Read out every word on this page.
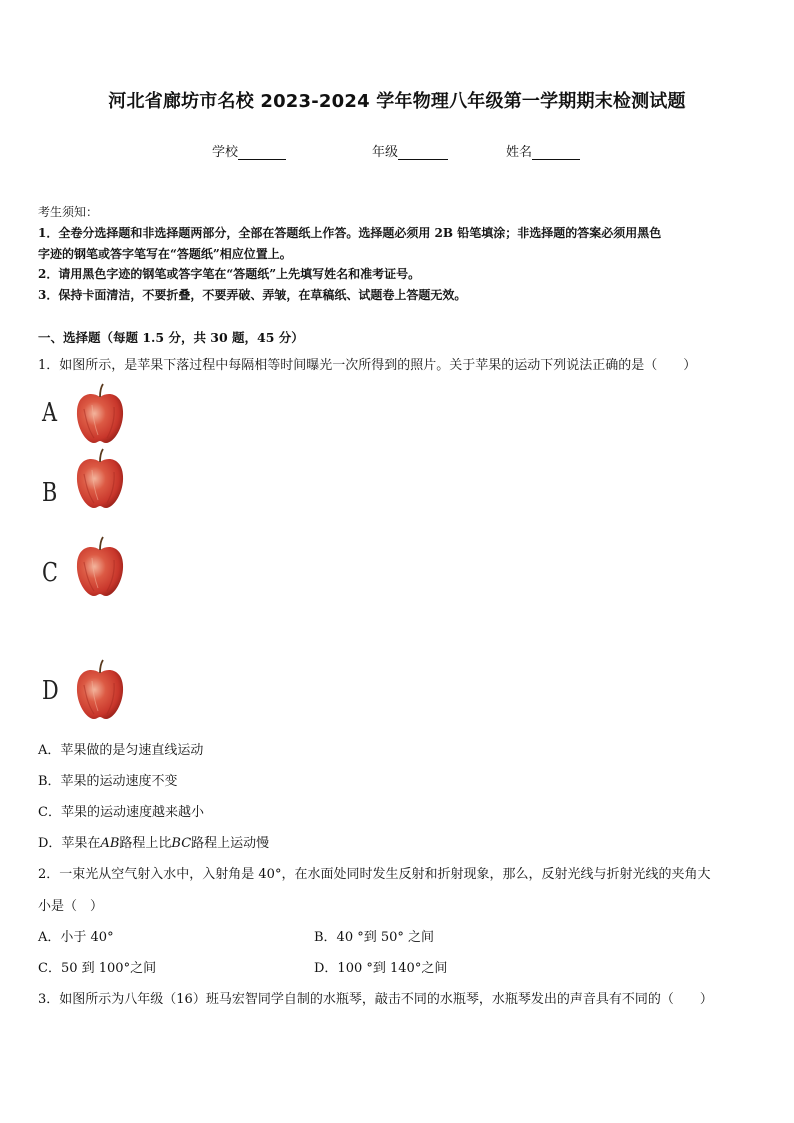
河北省廊坊市名校 2023-2024 学年物理八年级第一学期期末检测试题
学校	年级	姓名
考生须知：
1．全卷分选择题和非选择题两部分，全部在答题纸上作答。选择题必须用 2B 铅笔填涂；非选择题的答案必须用黑色
字迹的钢笔或答字笔写在“答题纸”相应位置上。
2．请用黑色字迹的钢笔或答字笔在“答题纸”上先填写姓名和准考证号。
3．保持卡面清洁，不要折叠，不要弄破、弄皱，在草稿纸、试题卷上答题无效。
一、选择题（每题 1.5 分，共 30 题，45 分）
1．如图所示，是苹果下落过程中每隔相等时间曝光一次所得到的照片。关于苹果的运动下列说法正确的是（　　）
A
B
C
D
A．苹果做的是匀速直线运动
B．苹果的运动速度不变
C．苹果的运动速度越来越小
D．苹果在AB路程上比BC路程上运动慢
2．一束光从空气射入水中，入射角是 40°，在水面处同时发生反射和折射现象，那么，反射光线与折射光线的夹角大
小是（　）
A．小于 40°	B．40 °到 50° 之间
C．50 到 100°之间	D．100 °到 140°之间
3．如图所示为八年级（16）班马宏智同学自制的水瓶琴，敲击不同的水瓶琴，水瓶琴发出的声音具有不同的（　　）
